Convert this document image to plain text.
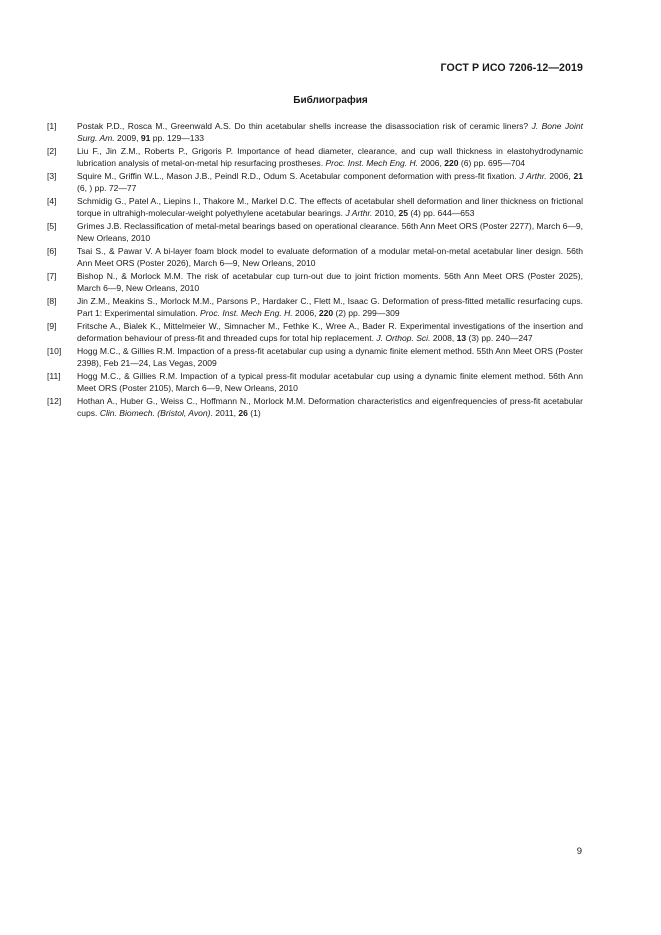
ГОСТ Р ИСО 7206-12—2019
Библиография
[1]	Postak P.D., Rosca M., Greenwald A.S. Do thin acetabular shells increase the disassociation risk of ceramic liners? J. Bone Joint Surg. Am. 2009, 91 pp. 129—133
[2]	Liu F., Jin Z.M., Roberts P., Grigoris P. Importance of head diameter, clearance, and cup wall thickness in elastohydrodynamic lubrication analysis of metal-on-metal hip resurfacing prostheses. Proc. Inst. Mech Eng. H. 2006, 220 (6) pp. 695—704
[3]	Squire M., Griffin W.L., Mason J.B., Peindl R.D., Odum S. Acetabular component deformation with press-fit fixation. J Arthr. 2006, 21 (6, ) pp. 72—77
[4]	Schmidig G., Patel A., Liepins I., Thakore M., Markel D.C. The effects of acetabular shell deformation and liner thickness on frictional torque in ultrahigh-molecular-weight polyethylene acetabular bearings. J Arthr. 2010, 25 (4) pp. 644—653
[5]	Grimes J.B. Reclassification of metal-metal bearings based on operational clearance. 56th Ann Meet ORS (Poster 2277), March 6—9, New Orleans, 2010
[6]	Tsai S., & Pawar V. A bi-layer foam block model to evaluate deformation of a modular metal-on-metal acetabular liner design. 56th Ann Meet ORS (Poster 2026), March 6—9, New Orleans, 2010
[7]	Bishop N., & Morlock M.M. The risk of acetabular cup turn-out due to joint friction moments. 56th Ann Meet ORS (Poster 2025), March 6—9, New Orleans, 2010
[8]	Jin Z.M., Meakins S., Morlock M.M., Parsons P., Hardaker C., Flett M., Isaac G. Deformation of press-fitted metallic resurfacing cups. Part 1: Experimental simulation. Proc. Inst. Mech Eng. H. 2006, 220 (2) pp. 299—309
[9]	Fritsche A., Bialek K., Mittelmeier W., Simnacher M., Fethke K., Wree A., Bader R. Experimental investigations of the insertion and deformation behaviour of press-fit and threaded cups for total hip replacement. J. Orthop. Sci. 2008, 13 (3) pp. 240—247
[10]	Hogg M.C., & Gillies R.M. Impaction of a press-fit acetabular cup using a dynamic finite element method. 55th Ann Meet ORS (Poster 2398), Feb 21—24, Las Vegas, 2009
[11]	Hogg M.C., & Gillies R.M. Impaction of a typical press-fit modular acetabular cup using a dynamic finite element method. 56th Ann Meet ORS (Poster 2105), March 6—9, New Orleans, 2010
[12]	Hothan A., Huber G., Weiss C., Hoffmann N., Morlock M.M. Deformation characteristics and eigenfrequencies of press-fit acetabular cups. Clin. Biomech. (Bristol, Avon). 2011, 26 (1)
9
